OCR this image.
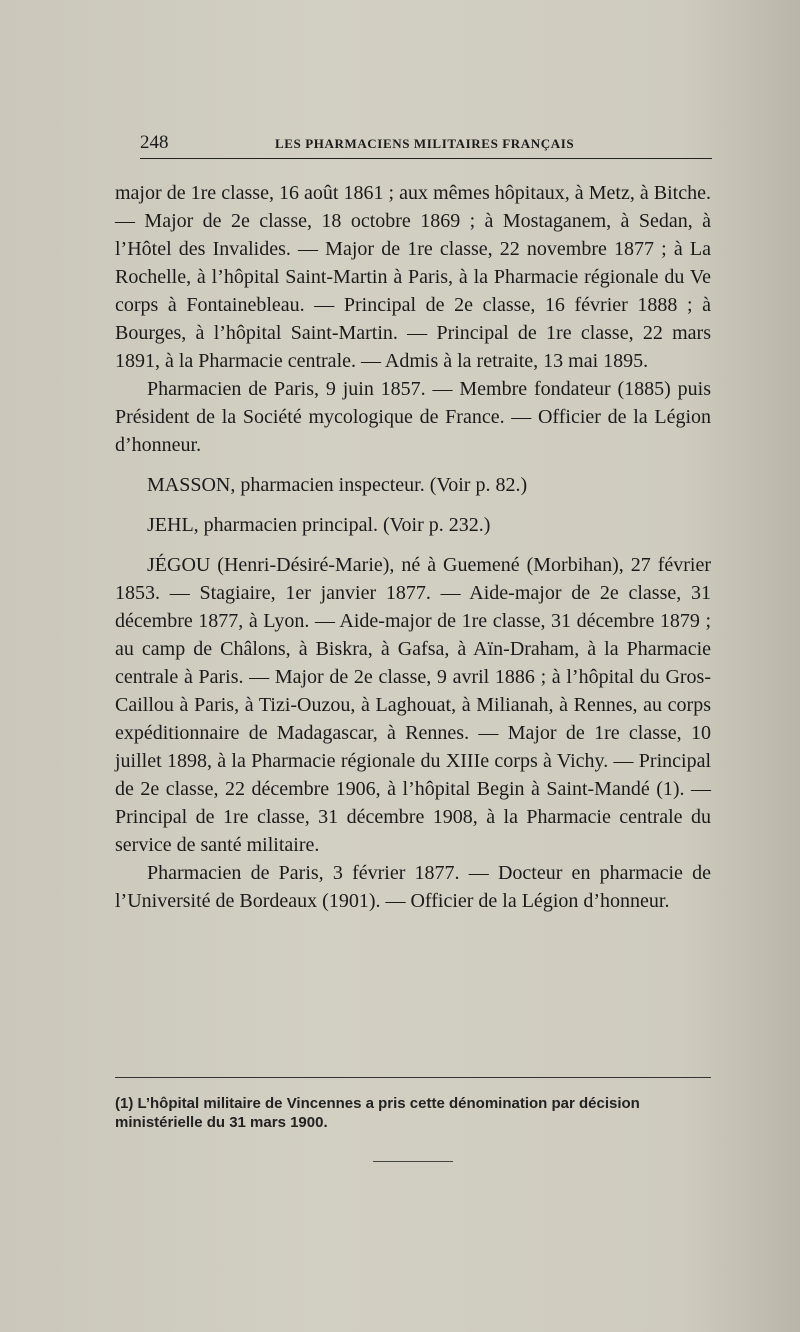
248	LES PHARMACIENS MILITAIRES FRANÇAIS

major de 1re classe, 16 août 1861 ; aux mêmes hôpitaux, à Metz, à Bitche. — Major de 2e classe, 18 octobre 1869 ; à Mostaganem, à Sedan, à l’Hôtel des Invalides. — Major de 1re classe, 22 novembre 1877 ; à La Rochelle, à l’hôpital Saint-Martin à Paris, à la Pharmacie régionale du Ve corps à Fontainebleau. — Principal de 2e classe, 16 février 1888 ; à Bourges, à l’hôpital Saint-Martin. — Principal de 1re classe, 22 mars 1891, à la Pharmacie centrale. — Admis à la retraite, 13 mai 1895.

Pharmacien de Paris, 9 juin 1857. — Membre fondateur (1885) puis Président de la Société mycologique de France. — Officier de la Légion d’honneur.

MASSON, pharmacien inspecteur. (Voir p. 82.)

JEHL, pharmacien principal. (Voir p. 232.)

JÉGOU (Henri-Désiré-Marie), né à Guemené (Morbihan), 27 février 1853. — Stagiaire, 1er janvier 1877. — Aide-major de 2e classe, 31 décembre 1877, à Lyon. — Aide-major de 1re classe, 31 décembre 1879 ; au camp de Châlons, à Biskra, à Gafsa, à Aïn-Draham, à la Pharmacie centrale à Paris. — Major de 2e classe, 9 avril 1886 ; à l’hôpital du Gros-Caillou à Paris, à Tizi-Ouzou, à Laghouat, à Milianah, à Rennes, au corps expéditionnaire de Madagascar, à Rennes. — Major de 1re classe, 10 juillet 1898, à la Pharmacie régionale du XIIIe corps à Vichy. — Principal de 2e classe, 22 décembre 1906, à l’hôpital Begin à Saint-Mandé (1). — Principal de 1re classe, 31 décembre 1908, à la Pharmacie centrale du service de santé militaire.

Pharmacien de Paris, 3 février 1877. — Docteur en pharmacie de l’Université de Bordeaux (1901). — Officier de la Légion d’honneur.

(1) L’hôpital militaire de Vincennes a pris cette dénomination par décision ministérielle du 31 mars 1900.
